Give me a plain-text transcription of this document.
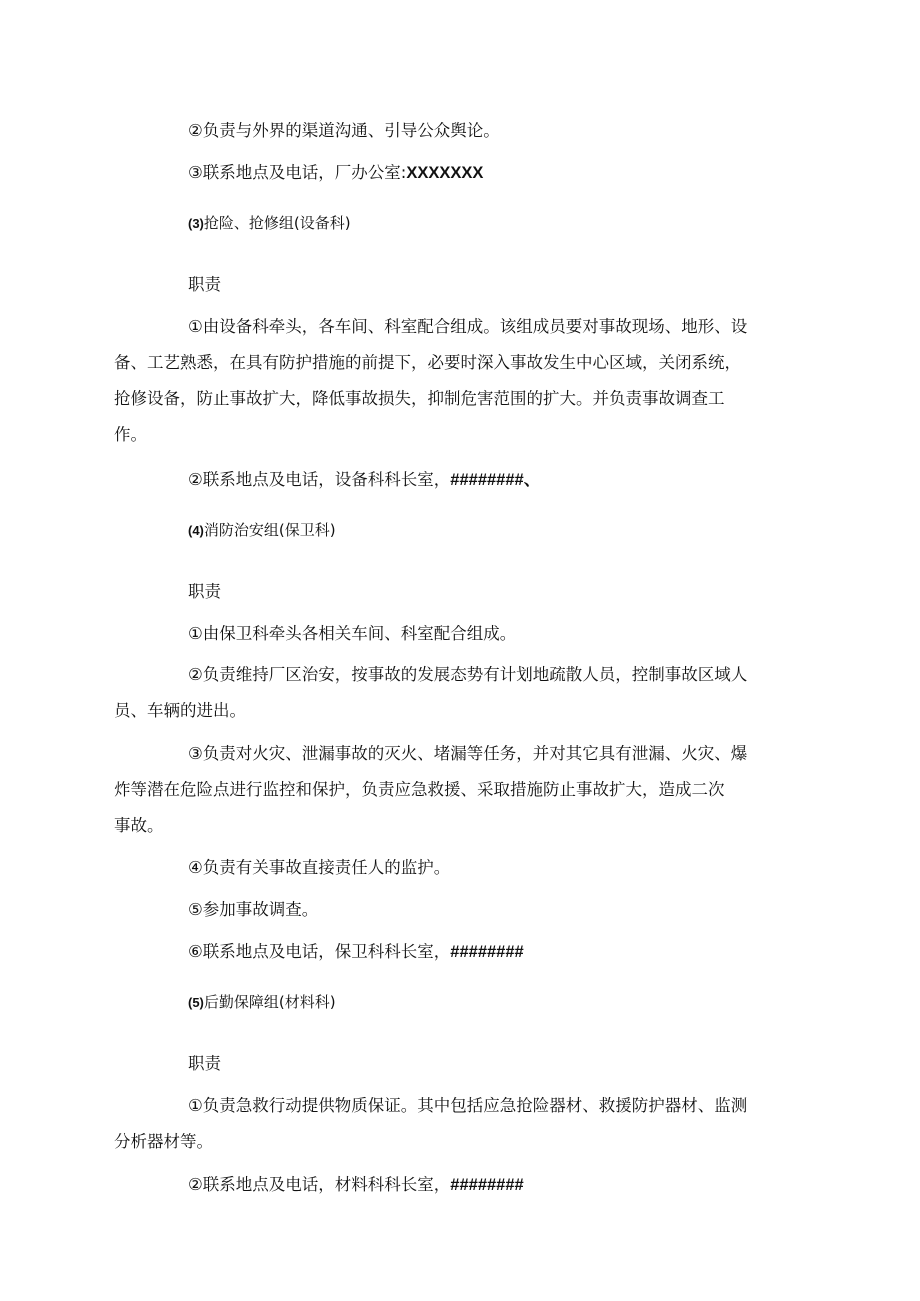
②负责与外界的渠道沟通、引导公众舆论。

③联系地点及电话，厂办公室:XXXXXXX

(3)抢险、抢修组(设备科)

职责

①由设备科牵头，各车间、科室配合组成。该组成员要对事故现场、地形、设
备、工艺熟悉，在具有防护措施的前提下，必要时深入事故发生中心区域，关闭系统，
抢修设备，防止事故扩大，降低事故损失，抑制危害范围的扩大。并负责事故调查工
作。

②联系地点及电话，设备科科长室，########、

(4)消防治安组(保卫科)

职责

①由保卫科牵头各相关车间、科室配合组成。

②负责维持厂区治安，按事故的发展态势有计划地疏散人员，控制事故区域人
员、车辆的进出。

③负责对火灾、泄漏事故的灭火、堵漏等任务，并对其它具有泄漏、火灾、爆
炸等潜在危险点进行监控和保护，负责应急救援、采取措施防止事故扩大，造成二次
事故。

④负责有关事故直接责任人的监护。

⑤参加事故调查。

⑥联系地点及电话，保卫科科长室，########

(5)后勤保障组(材料科)

职责

①负责急救行动提供物质保证。其中包括应急抢险器材、救援防护器材、监测
分析器材等。

②联系地点及电话，材料科科长室，########
